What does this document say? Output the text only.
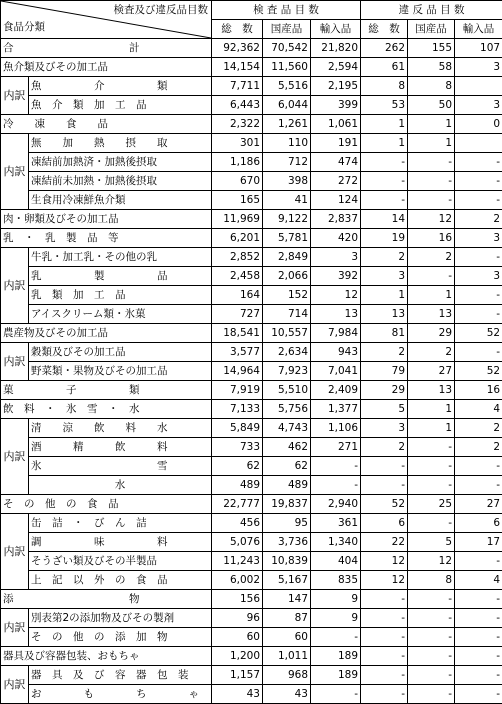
検査及び違反品目数
食品分類		検 査 品 目 数			違 反 品 目 数		
		総　数	国産品	輸入品	総　数	国産品	輸入品
合　　　　　　　　　　　計		92,362	70,542	21,820	262	155	107
魚介類及びその加工品		14,154	11,560	2,594	61	58	3
内訳	魚　　　　　介　　　　　類	7,711	5,516	2,195	8	8	
	魚　介　類　加　工　品	6,443	6,044	399	53	50	3
冷　　凍　　食　　品		2,322	1,261	1,061	1	1	0
内訳	無　　加　　熱　　摂　　取	301	110	191	1	1	
	凍結前加熱済・加熱後摂取	1,186	712	474	-	-	-
	凍結前未加熱・加熱後摂取	670	398	272	-	-	-
	生食用冷凍鮮魚介類	165	41	124	-	-	-
肉・卵類及びその加工品		11,969	9,122	2,837	14	12	2
乳　・　乳　製　品　等		6,201	5,781	420	19	16	3
内訳	牛乳・加工乳・その他の乳	2,852	2,849	3	2	2	-
	乳　　　　　製　　　　　品	2,458	2,066	392	3	-	3
	乳　類　加　工　品	164	152	12	1	1	-
	アイスクリーム類・氷菓	727	714	13	13	13	-
農産物及びその加工品		18,541	10,557	7,984	81	29	52
内訳	穀類及びその加工品	3,577	2,634	943	2	2	-
	野菜類・果物及びその加工品	14,964	7,923	7,041	79	27	52
菓　　　　　子　　　　　類		7,919	5,510	2,409	29	13	16
飲　料　・　氷　雪　・　水		7,133	5,756	1,377	5	1	4
内訳	清　　涼　　飲　　料　　水	5,849	4,743	1,106	3	1	2
	酒　　　精　　　飲　　　料	733	462	271	2	-	2
	氷　　　　　　　　　　　雪	62	62	-	-	-	-
	水	489	489	-	-	-	-
そ　の　他　の　食　品		22,777	19,837	2,940	52	25	27
内訳	缶　詰　・　び　ん　詰	456	95	361	6	-	6
	調　　　　　味　　　　　料	5,076	3,736	1,340	22	5	17
	そうざい類及びその半製品	11,243	10,839	404	12	12	-
	上　記　以　外　の　食　品	6,002	5,167	835	12	8	4
添　　　　　　　　　　　物		156	147	9	-	-	-
内訳	別表第2の添加物及びその製剤	96	87	9	-	-	-
	そ　の　他　の　添　加　物	60	60	-	-	-	-
器具及び容器包装、おもちゃ		1,200	1,011	189	-	-	-
内訳	器　具　及　び　容　器　包　装	1,157	968	189	-	-	-
	お　　　　も　　　　ち　　　　ゃ	43	43	-	-	-	-
